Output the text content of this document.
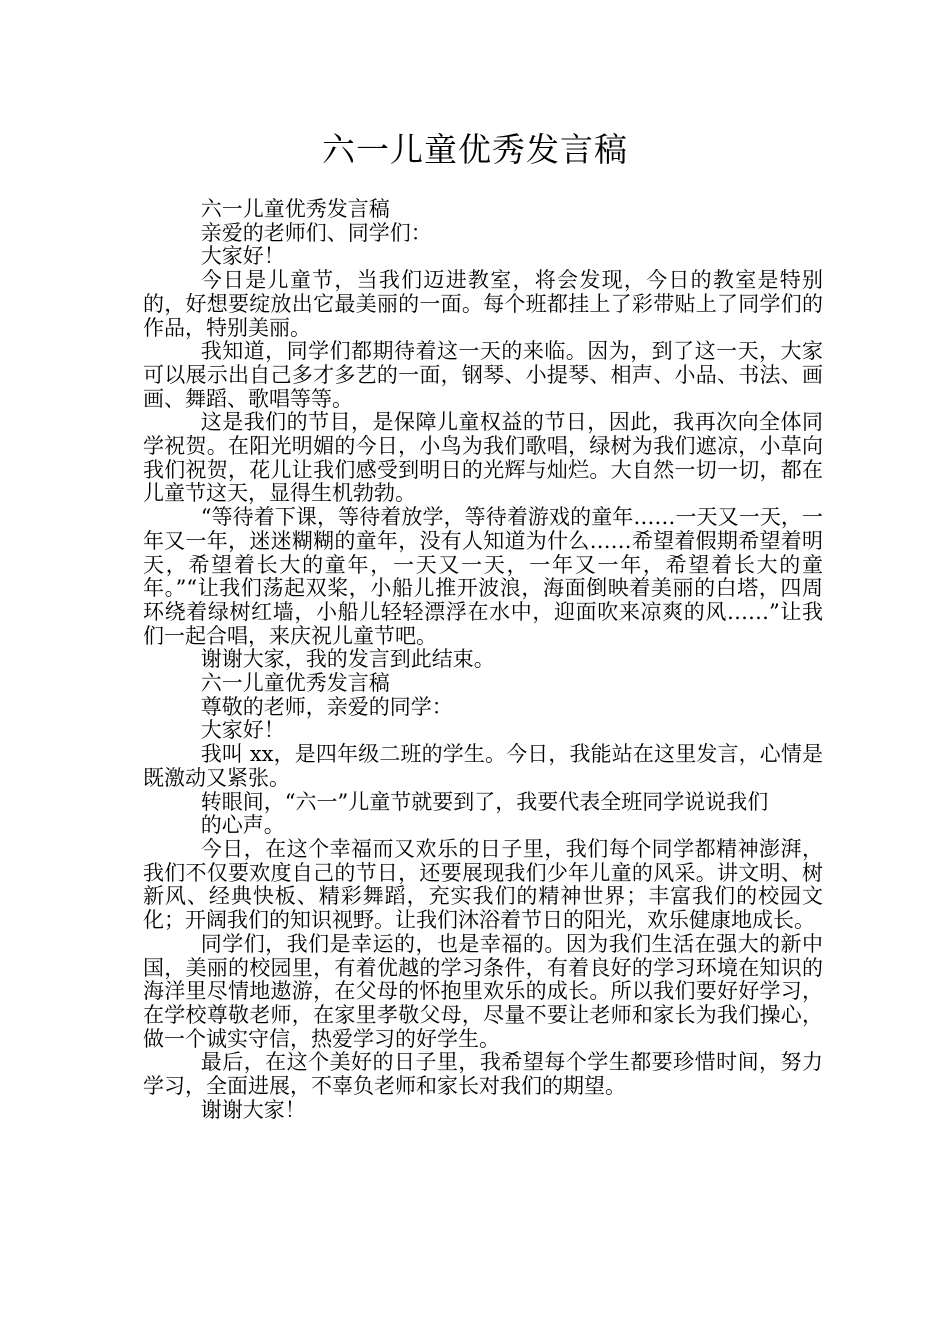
六一儿童优秀发言稿

六一儿童优秀发言稿

亲爱的老师们、同学们：

大家好！

今日是儿童节，当我们迈进教室，将会发现，今日的教室是特别的，好想要绽放出它最美丽的一面。每个班都挂上了彩带贴上了同学们的作品，特别美丽。

我知道，同学们都期待着这一天的来临。因为，到了这一天，大家可以展示出自己多才多艺的一面，钢琴、小提琴、相声、小品、书法、画画、舞蹈、歌唱等等。

这是我们的节目，是保障儿童权益的节日，因此，我再次向全体同学祝贺。在阳光明媚的今日，小鸟为我们歌唱，绿树为我们遮凉，小草向我们祝贺，花儿让我们感受到明日的光辉与灿烂。大自然一切一切，都在儿童节这天，显得生机勃勃。

“等待着下课，等待着放学，等待着游戏的童年……一天又一天，一年又一年，迷迷糊糊的童年，没有人知道为什么……希望着假期希望着明天，希望着长大的童年，一天又一天，一年又一年，希望着长大的童年。”“让我们荡起双桨，小船儿推开波浪，海面倒映着美丽的白塔，四周环绕着绿树红墙，小船儿轻轻漂浮在水中，迎面吹来凉爽的风……”让我们一起合唱，来庆祝儿童节吧。

谢谢大家，我的发言到此结束。

六一儿童优秀发言稿

尊敬的老师，亲爱的同学：

大家好！

我叫 xx，是四年级二班的学生。今日，我能站在这里发言，心情是既激动又紧张。

转眼间，“六一”儿童节就要到了，我要代表全班同学说说我们

的心声。

今日，在这个幸福而又欢乐的日子里，我们每个同学都精神澎湃，我们不仅要欢度自己的节日，还要展现我们少年儿童的风采。讲文明、树新风、经典快板、精彩舞蹈，充实我们的精神世界；丰富我们的校园文化；开阔我们的知识视野。让我们沐浴着节日的阳光，欢乐健康地成长。

同学们，我们是幸运的，也是幸福的。因为我们生活在强大的新中国，美丽的校园里，有着优越的学习条件，有着良好的学习环境在知识的海洋里尽情地遨游，在父母的怀抱里欢乐的成长。所以我们要好好学习，在学校尊敬老师，在家里孝敬父母，尽量不要让老师和家长为我们操心，做一个诚实守信，热爱学习的好学生。

最后，在这个美好的日子里，我希望每个学生都要珍惜时间，努力学习，全面进展，不辜负老师和家长对我们的期望。

谢谢大家！
